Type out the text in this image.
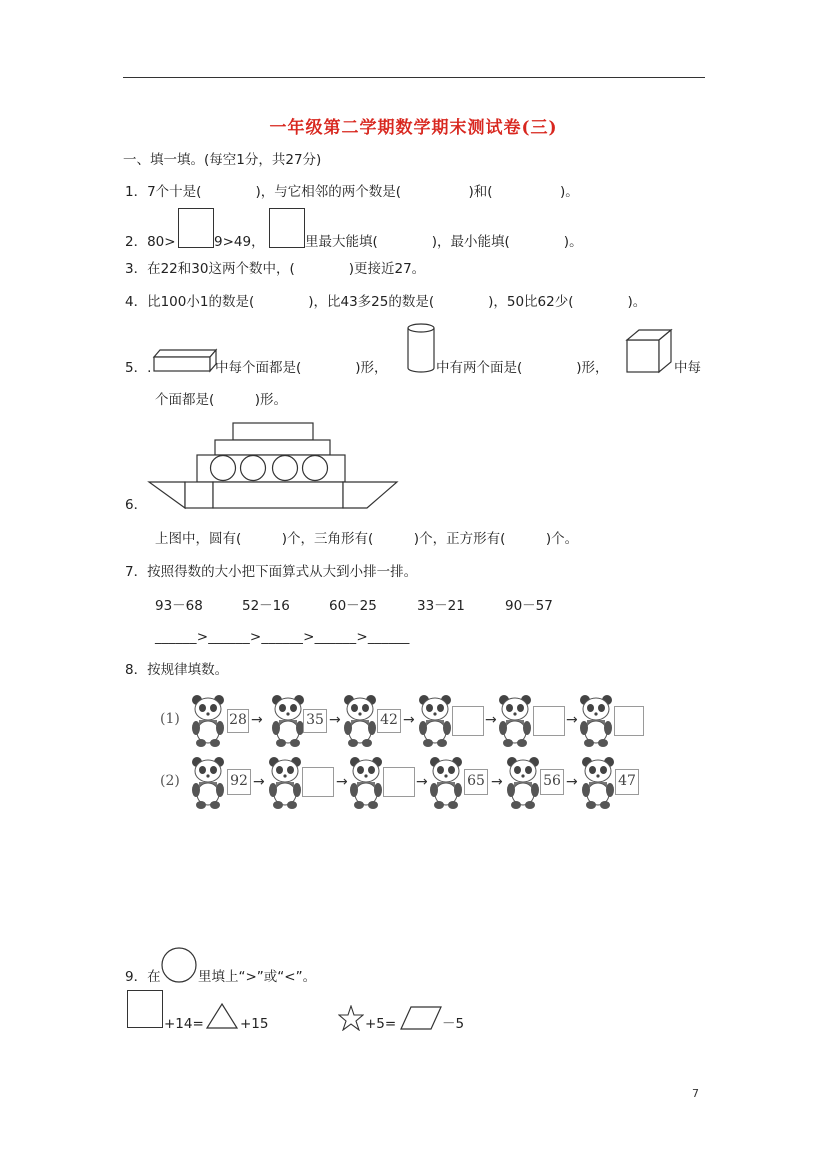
一年级第二学期数学期末测试卷(三)
一、填一填。(每空1分，共27分)
1．7个十是(　　　　)，与它相邻的两个数是(　　　　　)和(　　　　　)。
2．80>	9>49，	里最大能填(　　　　)，最小能填(　　　　)。
3．在22和30这两个数中，(　　　　)更接近27。
4．比100小1的数是(　　　　)，比43多25的数是(　　　　)，50比62少(　　　　)。
5．.	中每个面都是(　　　　)形，	中有两个面是(　　　　)形，	中每
个面都是(　　　)形。
6．
上图中，圆有(　　　)个，三角形有(　　　)个，正方形有(　　　)个。
7．按照得数的大小把下面算式从大到小排一排。
93－68	52－16	60－25	33－21	90－57
______>______>______>______>______
8．按规律填数。
(1)
(2)
28	35	42
→	→	→	→	→
92	65	56	47
→	→	→	→	→
9．在	里填上“>”或“<”。
+14=	+15	+5=	－5
7
